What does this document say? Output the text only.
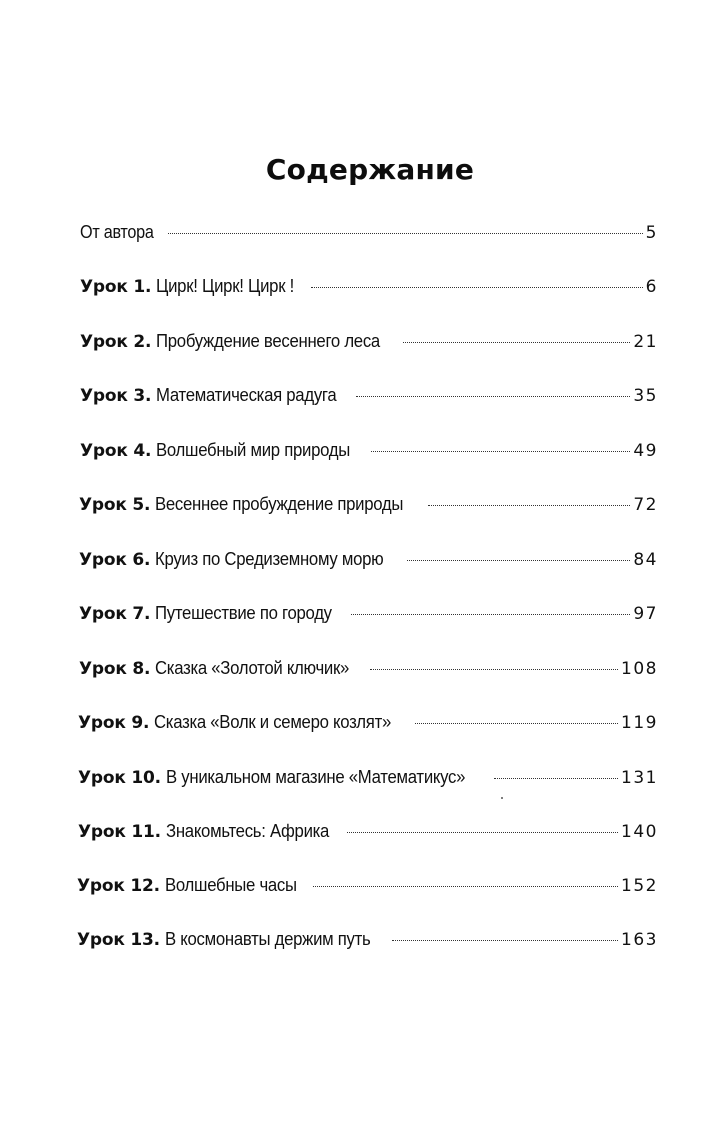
Содержание
От автора	5
Урок 1. Цирк! Цирк! Цирк !	6
Урок 2. Пробуждение весеннего леса	21
Урок 3. Математическая радуга	35
Урок 4. Волшебный мир природы	49
Урок 5. Весеннее пробуждение природы	72
Урок 6. Круиз по Средиземному морю	84
Урок 7. Путешествие по городу	97
Урок 8. Сказка «Золотой ключик»	108
Урок 9. Сказка «Волк и семеро козлят»	119
Урок 10. В уникальном магазине «Математикус»	131
Урок 11. Знакомьтесь: Африка	140
Урок 12. Волшебные часы	152
Урок 13. В космонавты держим путь	163
